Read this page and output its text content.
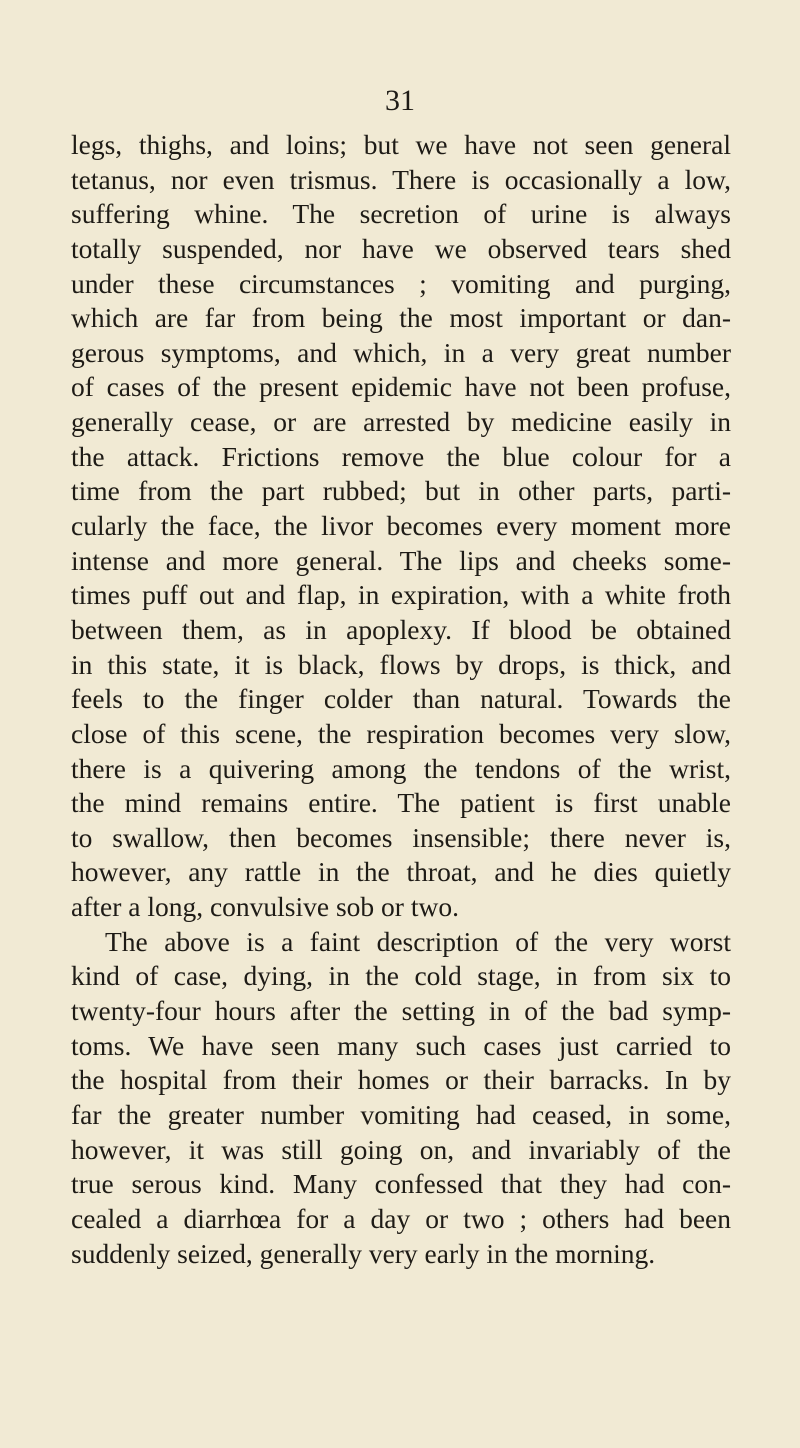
31
legs, thighs, and loins; but we have not seen general
tetanus, nor even trismus. There is occasionally a low,
suffering whine. The secretion of urine is always
totally suspended, nor have we observed tears shed
under these circumstances ; vomiting and purging,
which are far from being the most important or dan-
gerous symptoms, and which, in a very great number
of cases of the present epidemic have not been profuse,
generally cease, or are arrested by medicine easily in
the attack. Frictions remove the blue colour for a
time from the part rubbed; but in other parts, parti-
cularly the face, the livor becomes every moment more
intense and more general. The lips and cheeks some-
times puff out and flap, in expiration, with a white froth
between them, as in apoplexy. If blood be obtained
in this state, it is black, flows by drops, is thick, and
feels to the finger colder than natural. Towards the
close of this scene, the respiration becomes very slow,
there is a quivering among the tendons of the wrist,
the mind remains entire. The patient is first unable
to swallow, then becomes insensible; there never is,
however, any rattle in the throat, and he dies quietly
after a long, convulsive sob or two.
The above is a faint description of the very worst
kind of case, dying, in the cold stage, in from six to
twenty-four hours after the setting in of the bad symp-
toms. We have seen many such cases just carried to
the hospital from their homes or their barracks. In by
far the greater number vomiting had ceased, in some,
however, it was still going on, and invariably of the
true serous kind. Many confessed that they had con-
cealed a diarrhœa for a day or two ; others had been
suddenly seized, generally very early in the morning.
